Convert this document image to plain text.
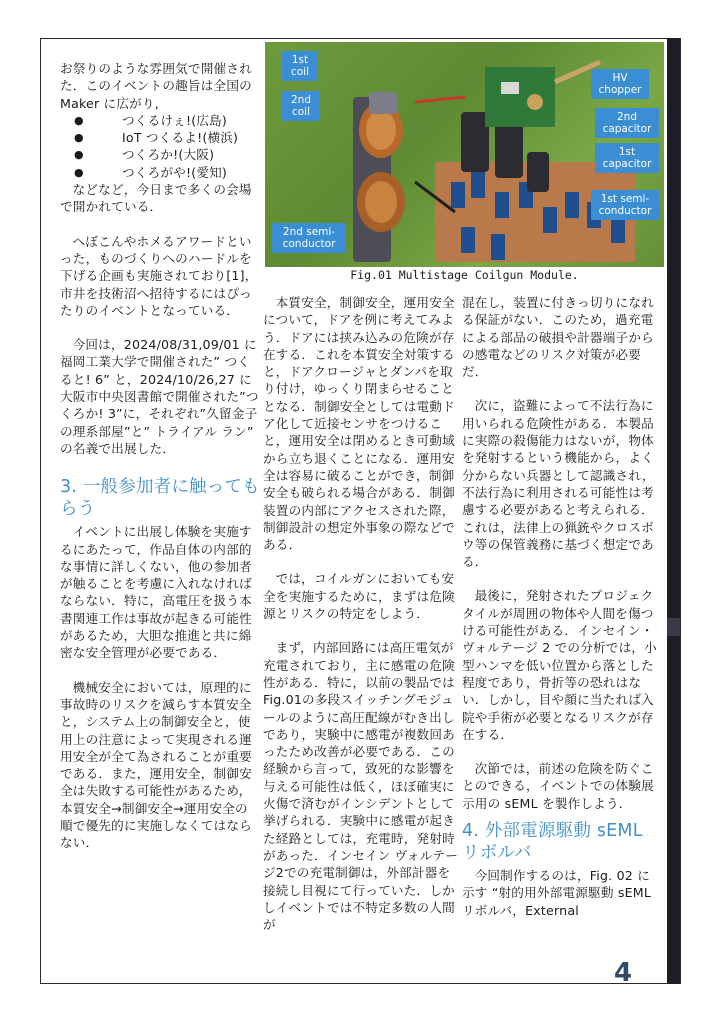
1st
coil
2nd
coil
HV
chopper
2nd
capacitor
1st
capacitor
1st semi-
conductor
2nd semi-
conductor
Fig.01 Multistage Coilgun Module.

お祭りのような雰囲気で開催された．このイベントの趣旨は全国の Maker に広がり,

● つくるけぇ!(広島)
● IoT つくるよ!(横浜)
● つくろか!(大阪)
● つくろがや!(愛知)

などなど，今日まで多くの会場で開かれている．

へぼこんやホメるアワードといった，ものづくりへのハードルを下げる企画も実施されており[1]，市井を技術沼へ招待するにはぴったりのイベントとなっている．

今回は，2024/08/31,09/01 に福岡工業大学で開催された” つくると! 6” と，2024/10/26,27 に大阪市中央図書館で開催された”つくろか! 3”に，それぞれ”久留金子の理系部屋”と” トライアル ラン” の名義で出展した．

3. 一般参加者に触ってもらう

イベントに出展し体験を実施するにあたって，作品自体の内部的な事情に詳しくない，他の参加者が触ることを考慮に入れなければならない．特に，高電圧を扱う本書関連工作は事故が起きる可能性があるため，大胆な推進と共に綿密な安全管理が必要である．

機械安全においては，原理的に事故時のリスクを減らす本質安全と，システム上の制御安全と，使用上の注意によって実現される運用安全が全て為されることが重要である．また，運用安全，制御安全は失敗する可能性があるため，本質安全→制御安全→運用安全の順で優先的に実施しなくてはならない．

本質安全，制御安全，運用安全について，ドアを例に考えてみよう．ドアには挟み込みの危険が存在する．これを本質安全対策すると，ドアクロージャとダンパを取り付け，ゆっくり閉まらせることとなる．制御安全としては電動ドア化して近接センサをつけること，運用安全は閉めるとき可動域から立ち退くことになる．運用安全は容易に破ることができ，制御安全も破られる場合がある．制御装置の内部にアクセスされた際，制御設計の想定外事象の際などである．

では，コイルガンにおいても安全を実施するために，まずは危険源とリスクの特定をしよう．

まず，内部回路には高圧電気が充電されており，主に感電の危険性がある．特に，以前の製品ではFig.01の多段スイッチングモジュールのように高圧配線がむき出しであり，実験中に感電が複数回あったため改善が必要である．この経験から言って，致死的な影響を与える可能性は低く，ほぼ確実に火傷で済むがインシデントとして挙げられる．実験中に感電が起きた経路としては，充電時，発射時があった．インセイン ヴォルテージ2での充電制御は，外部計器を接続し目視にて行っていた．しかしイベントでは不特定多数の人間が

混在し，装置に付きっ切りになれる保証がない．このため，過充電による部品の破損や計器端子からの感電などのリスク対策が必要だ．

次に，盗難によって不法行為に用いられる危険性がある．本製品に実際の殺傷能力はないが，物体を発射するという機能から，よく分からない兵器として認識され，不法行為に利用される可能性は考慮する必要があると考えられる．これは，法律上の猟銃やクロスボウ等の保管義務に基づく想定である．

最後に，発射されたプロジェクタイルが周囲の物体や人間を傷つける可能性がある．インセイン・ヴォルテージ 2 での分析では，小型ハンマを低い位置から落とした程度であり，骨折等の恐れはない．しかし，目や顔に当たれば入院や手術が必要となるリスクが存在する．

次節では，前述の危険を防ぐことのできる，イベントでの体験展示用の sEML を製作しよう．

4. 外部電源駆動 sEML リボルバ

今回制作するのは，Fig. 02 に示す “射的用外部電源駆動 sEML リボルバ，External

4
